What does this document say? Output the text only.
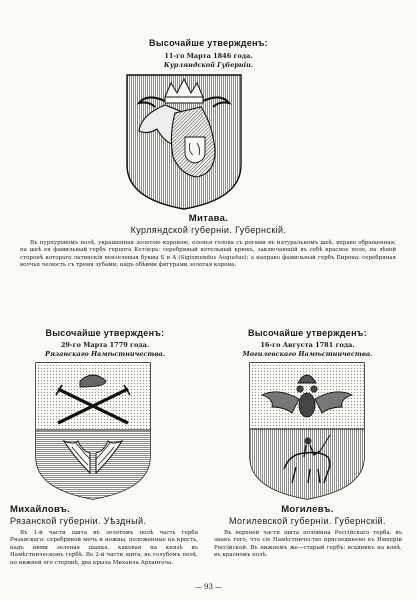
Высочайше утвержденъ:
11-го Марта 1846 года.
Курляндской Губерніи.
Митава.
Курляндской губерніи. Губернскій.
Въ пурпуровомъ полѣ, украшенная золотою короною, оленья голова съ рогами въ натуральномъ шеѣ, вправо обращенная; на шеѣ ея фамильный гербъ герцога Кетлера: серебряный котельный крюкъ, заключающій въ себѣ красное поле, на лѣвой сторонѣ котораго латинскія вензелевыя буквы S и A (Sigismundus Augustus); а направо фамильный гербъ Бирона: серебряная волчья челюсть съ тремя зубами; надъ обѣими фигурами золотая корона.
Высочайше утвержденъ:
29-го Марта 1779 года.
Рязанскаго Намѣстничества.
Михайловъ.
Рязанской губерніи. Уѣздный.
Въ 1-й части щита въ золотомъ полѣ часть герба Рязанскаго: серебряной мечь и ножны, положенные на кресть, надъ ними зеленая шапка, каковая на князѣ въ Намѣстническомъ гербѣ. Во 2-й части щита, въ голубомъ полѣ, по нижней его сторонѣ, два крыла Михаила Архангела.
Высочайше утвержденъ:
16-го Августа 1781 года.
Могилевскаго Намѣстничества.
Могилевъ.
Могилевской губерніи. Губернскій.
Въ верхней части щита половина Россійскаго герба, въ знакъ того, что сіе Намѣстничество присоединено къ Имперіи Россійской. Въ нижнемъ же—старый гербъ: всадникъ на конѣ, въ красномъ полѣ.
— 93 —
